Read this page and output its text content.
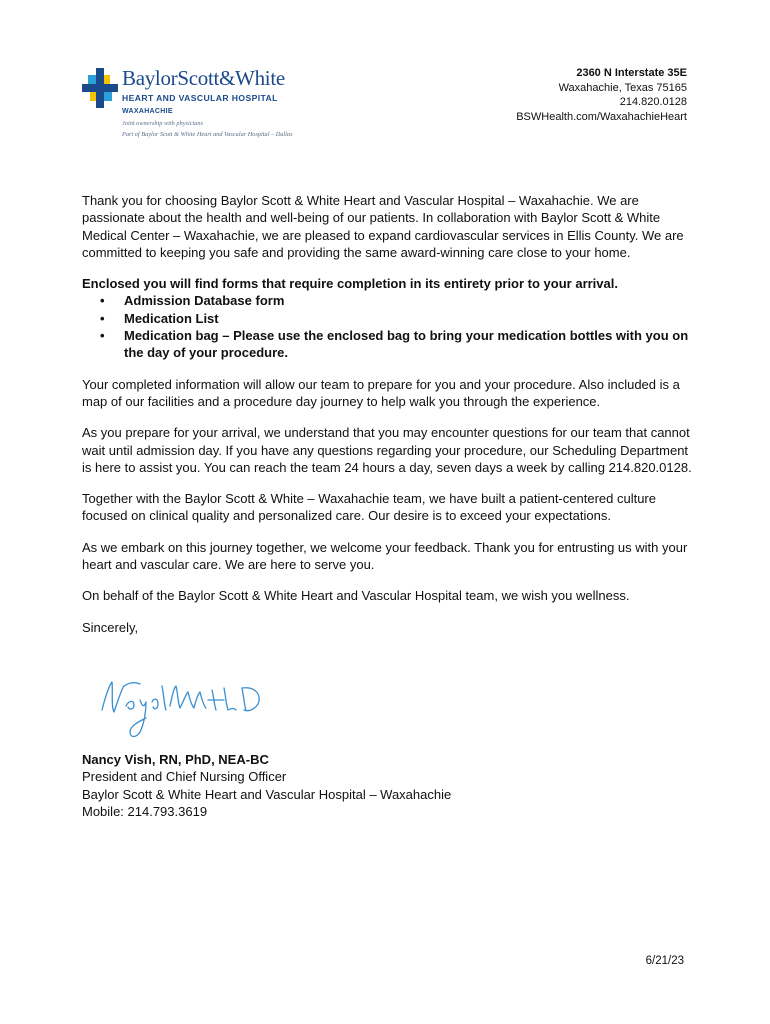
BaylorScott&White
HEART AND VASCULAR HOSPITAL
WAXAHACHIE
Joint ownership with physicians
Part of Baylor Scott & White Heart and Vascular Hospital – Dallas
2360 N Interstate 35E
Waxahachie, Texas 75165
214.820.0128
BSWHealth.com/WaxahachieHeart

Thank you for choosing Baylor Scott & White Heart and Vascular Hospital – Waxahachie. We are passionate about the health and well-being of our patients. In collaboration with Baylor Scott & White Medical Center – Waxahachie, we are pleased to expand cardiovascular services in Ellis County. We are committed to keeping you safe and providing the same award-winning care close to your home.

Enclosed you will find forms that require completion in its entirety prior to your arrival.

• Admission Database form
• Medication List
• Medication bag – Please use the enclosed bag to bring your medication bottles with you on the day of your procedure.

Your completed information will allow our team to prepare for you and your procedure. Also included is a map of our facilities and a procedure day journey to help walk you through the experience.

As you prepare for your arrival, we understand that you may encounter questions for our team that cannot wait until admission day. If you have any questions regarding your procedure, our Scheduling Department is here to assist you. You can reach the team 24 hours a day, seven days a week by calling 214.820.0128.

Together with the Baylor Scott & White – Waxahachie team, we have built a patient-centered culture focused on clinical quality and personalized care. Our desire is to exceed your expectations.

As we embark on this journey together, we welcome your feedback. Thank you for entrusting us with your heart and vascular care. We are here to serve you.

On behalf of the Baylor Scott & White Heart and Vascular Hospital team, we wish you wellness.

Sincerely,

Nancy Vish, RN, PhD, NEA-BC
President and Chief Nursing Officer
Baylor Scott & White Heart and Vascular Hospital – Waxahachie
Mobile: 214.793.3619
6/21/23
